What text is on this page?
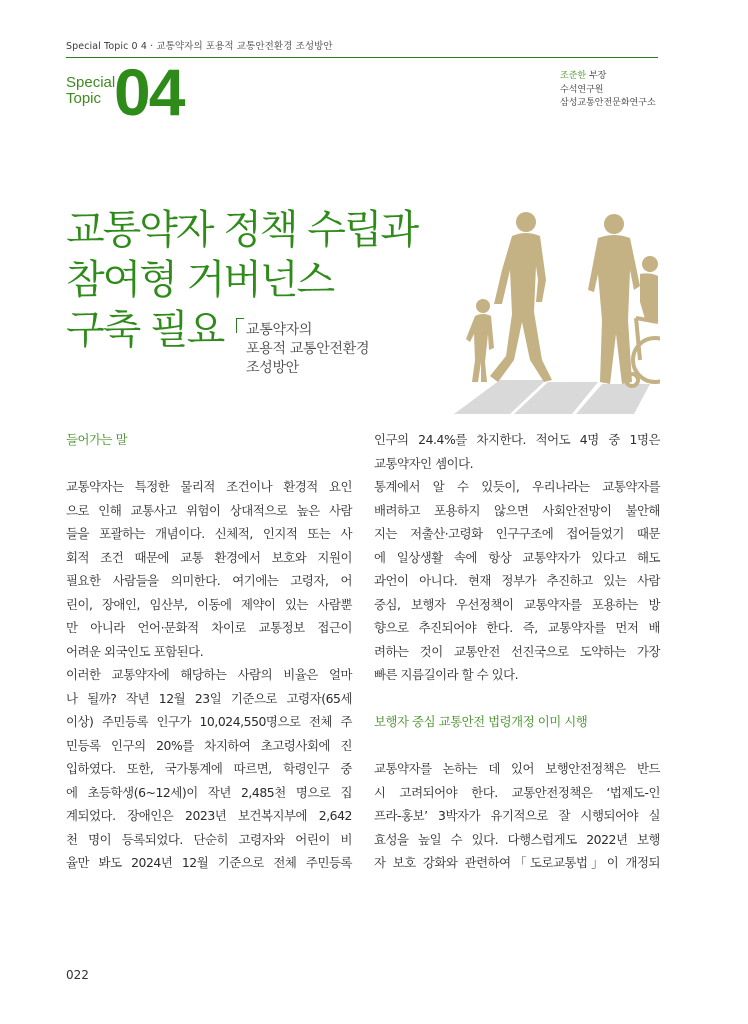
Special Topic 0 4 · 교통약자의 포용적 교통안전환경 조성방안
Special
Topic 04	조준한 부장
수석연구원
삼성교통안전문화연구소
교통약자 정책 수립과
참여형 거버넌스
구축 필요	교통약자의
포용적 교통안전환경
조성방안
들어가는 말
교통약자는 특정한 물리적 조건이나 환경적 요인
으로 인해 교통사고 위험이 상대적으로 높은 사람
들을 포괄하는 개념이다. 신체적, 인지적 또는 사
회적 조건 때문에 교통 환경에서 보호와 지원이
필요한 사람들을 의미한다. 여기에는 고령자, 어
린이, 장애인, 임산부, 이동에 제약이 있는 사람뿐
만 아니라 언어·문화적 차이로 교통정보 접근이
어려운 외국인도 포함된다.
이러한 교통약자에 해당하는 사람의 비율은 얼마
나 될까? 작년 12월 23일 기준으로 고령자(65세
이상) 주민등록 인구가 10,024,550명으로 전체 주
민등록 인구의 20%를 차지하여 초고령사회에 진
입하였다. 또한, 국가통계에 따르면, 학령인구 중
에 초등학생(6~12세)이 작년 2,485천 명으로 집
계되었다. 장애인은 2023년 보건복지부에 2,642
천 명이 등록되었다. 단순히 고령자와 어린이 비
율만 봐도 2024년 12월 기준으로 전체 주민등록
인구의 24.4%를 차지한다. 적어도 4명 중 1명은
교통약자인 셈이다.
통계에서 알 수 있듯이, 우리나라는 교통약자를
배려하고 포용하지 않으면 사회안전망이 불안해
지는 저출산·고령화 인구구조에 접어들었기 때문
에 일상생활 속에 항상 교통약자가 있다고 해도
과언이 아니다. 현재 정부가 추진하고 있는 사람
중심, 보행자 우선정책이 교통약자를 포용하는 방
향으로 추진되어야 한다. 즉, 교통약자를 먼저 배
려하는 것이 교통안전 선진국으로 도약하는 가장
빠른 지름길이라 할 수 있다.
보행자 중심 교통안전 법령개정 이미 시행
교통약자를 논하는 데 있어 보행안전정책은 반드
시 고려되어야 한다. 교통안전정책은 ‘법제도-인
프라-홍보’ 3박자가 유기적으로 잘 시행되어야 실
효성을 높일 수 있다. 다행스럽게도 2022년 보행
자 보호 강화와 관련하여「도로교통법」이 개정되
022
